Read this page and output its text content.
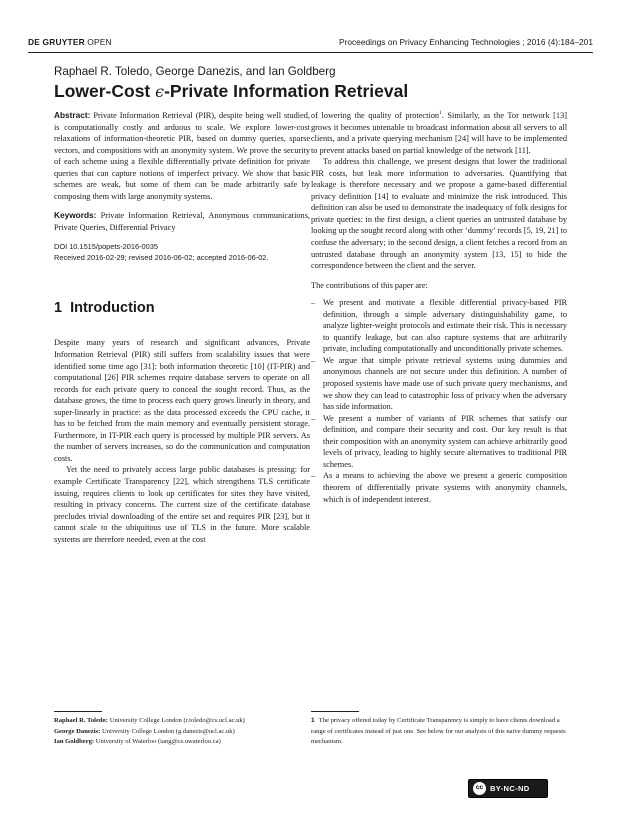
DE GRUYTER OPEN	Proceedings on Privacy Enhancing Technologies ; 2016 (4):184–201
Raphael R. Toledo, George Danezis, and Ian Goldberg
Lower-Cost ϵ-Private Information Retrieval

Abstract: Private Information Retrieval (PIR), despite being well studied, is computationally costly and arduous to scale. We explore lower-cost relaxations of information-theoretic PIR, based on dummy queries, sparse vectors, and compositions with an anonymity system. We prove the security of each scheme using a flexible differentially private definition for private queries that can capture notions of imperfect privacy. We show that basic schemes are weak, but some of them can be made arbitrarily safe by composing them with large anonymity systems.

Keywords: Private Information Retrieval, Anonymous communications, Private Queries, Differential Privacy

DOI 10.1515/popets-2016-0035
Received 2016-02-29; revised 2016-06-02; accepted 2016-06-02.
1 Introduction

Despite many years of research and significant advances, Private Information Retrieval (PIR) still suffers from scalability issues that were identified some time ago [31]: both information theoretic [10] (IT-PIR) and computational [26] PIR schemes require database servers to operate on all records for each private query to conceal the sought record. Thus, as the database grows, the time to process each query grows linearly in theory, and super-linearly in practice: as the data processed exceeds the CPU cache, it has to be fetched from the main memory and eventually persistent storage. Furthermore, in IT-PIR each query is processed by multiple PIR servers. As the number of servers increases, so do the communication and computation costs.

Yet the need to privately access large public databases is pressing: for example Certificate Transparency [22], which strengthens TLS certificate issuing, requires clients to look up certificates for sites they have visited, resulting in privacy concerns. The current size of the certificate database precludes trivial downloading of the entire set and requires PIR [23], but it cannot scale to the ubiquitous use of TLS in the future. More scalable systems are therefore needed, even at the cost

of lowering the quality of protection$^1$. Similarly, as the Tor network [13] grows it becomes untenable to broadcast information about all servers to all clients, and a private querying mechanism [24] will have to be implemented to prevent attacks based on partial knowledge of the network [11].

To address this challenge, we present designs that lower the traditional PIR costs, but leak more information to adversaries. Quantifying that leakage is therefore necessary and we propose a game-based differential privacy definition [14] to evaluate and minimize the risk introduced. This definition can also be used to demonstrate the inadequacy of folk designs for private queries: in the first design, a client queries an untrusted database by looking up the sought record along with other ‘dummy’ records [5, 19, 21] to confuse the adversary; in the second design, a client fetches a record from an untrusted database through an anonymity system [13, 15] to hide the correspondence between the client and the server.

The contributions of this paper are:

– We present and motivate a flexible differential privacy-based PIR definition, through a simple adversary distinguishability game, to analyze lighter-weight protocols and estimate their risk. This is necessary to quantify leakage, but can also capture systems that are arbitrarily private, including computationally and unconditionally private schemes.
– We argue that simple private retrieval systems using dummies and anonymous channels are not secure under this definition. A number of proposed systems have made use of such private query mechanisms, and we show they can lead to catastrophic loss of privacy when the adversary has side information.
– We present a number of variants of PIR schemes that satisfy our definition, and compare their security and cost. Our key result is that their composition with an anonymity system can achieve arbitrarily good levels of privacy, leading to highly secure alternatives to traditional PIR schemes.
– As a means to achieving the above we present a generic composition theorem of differentially private systems with anonymity channels, which is of independent interest.
Raphael R. Toledo: University College London (r.toledo@cs.ucl.ac.uk)
George Danezis: University College London (g.danezis@ucl.ac.uk)
Ian Goldberg: University of Waterloo (iang@cs.uwaterloo.ca)
1 The privacy offered today by Certificate Transparency is simply to have clients download a range of certificates instead of just one. See below for our analysis of this naive dummy requests mechanism.
cc BY-NC-ND
